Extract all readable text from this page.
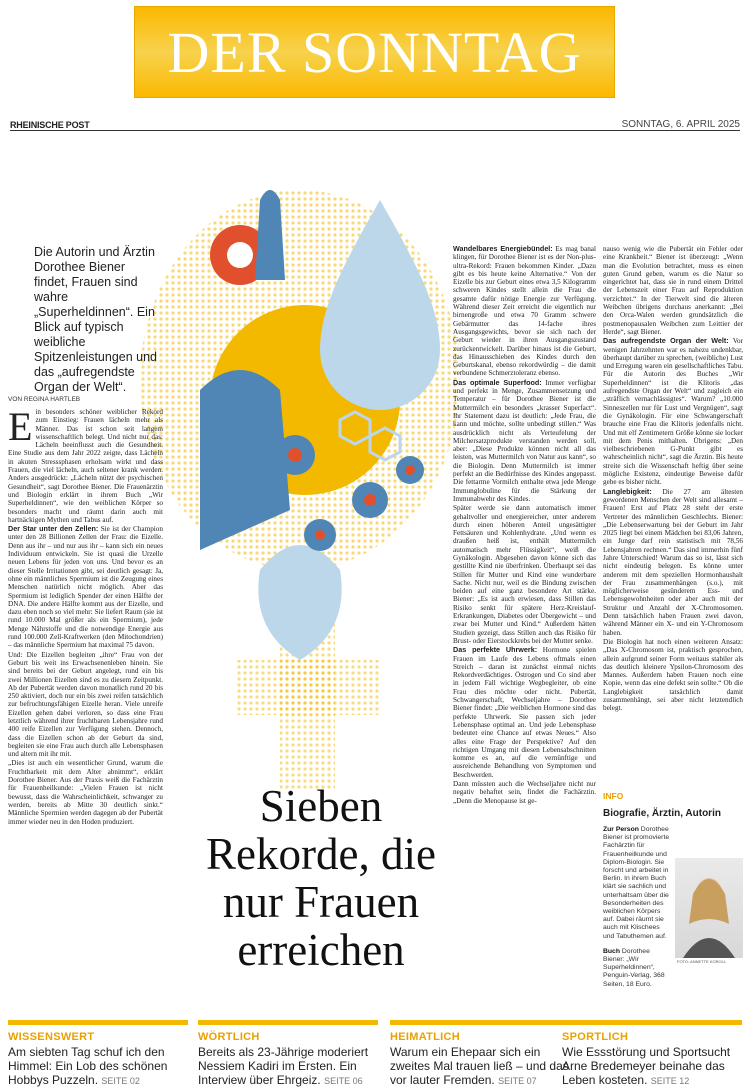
DER SONNTAG
RHEINISCHE POST	SONNTAG, 6. APRIL 2025
Die Autorin und Ärztin Dorothee Biener findet, Frauen sind wahre „Superheldinnen“. Ein Blick auf typisch weibliche Spitzenleistungen und das „aufregendste Organ der Welt“.
VON REGINA HARTLEB

Ein besonders schöner weiblicher Rekord zum Einstieg: Frauen lächeln mehr als Männer. Das ist schon seit langem wissenschaftlich belegt. Und nicht nur das: Lächeln beeinflusst auch die Gesundheit. Eine Studie aus dem Jahr 2022 zeigte, dass Lächeln in akuten Stresssphasen erholsam wirkt und dass Frauen, die viel lächeln, auch seltener krank werden. Anders ausgedrückt: „Lächeln nützt der psychischen Gesundheit“, sagt Dorothee Biener. Die Frauenärztin und Biologin erklärt in ihrem Buch „Wir Superheldinnen“, wie den weiblichen Körper so besonders macht und räumt darin auch mit hartnäckigen Mythen und Tabus auf.

Der Star unter den Zellen: Sie ist der Champion unter den 28 Billionen Zellen der Frau: die Eizelle. Denn aus ihr – und nur aus ihr – kann sich ein neues Individuum entwickeln. Sie ist quasi die Urzelle neuen Lebens für jeden von uns. Und bevor es an dieser Stelle Irritationen gibt, sei deutlich gesagt: Ja, ohne ein männliches Spermium ist die Zeugung eines Menschen natürlich nicht möglich. Aber das Spermium ist lediglich Spender der einen Hälfte der DNA. Die andere Hälfte kommt aus der Eizelle, und dazu eben noch so viel mehr: Sie liefert Raum (sie ist rund 10.000 Mal größer als ein Spermium), jede Menge Nährstoffe und die notwendige Energie aus rund 100.000 Zell-Kraftwerken (den Mitochondrien) – das männliche Spermium hat maximal 75 davon.

Und: Die Eizellen begleiten „ihre“ Frau von der Geburt bis weit ins Erwachsenenleben hinein. Sie sind bereits bei der Geburt angelegt, rund ein bis zwei Millionen Eizellen sind es zu diesem Zeitpunkt. Ab der Pubertät werden davon monatlich rund 20 bis 250 aktiviert, doch nur ein bis zwei reifen tatsächlich zur befruchtungsfähigen Eizelle heran. Viele unreife Eizellen gehen dabei verloren, so dass eine Frau letztlich während ihrer fruchtbaren Lebensjahre rund 400 reife Eizellen zur Verfügung stehen. Dennoch, dass die Eizellen schon ab der Geburt da sind, begleiten sie eine Frau auch durch alle Lebensphasen und altern mit ihr mit.

„Dies ist auch ein wesentlicher Grund, warum die Fruchtbarkeit mit dem Alter abnimmt“, erklärt Dorothee Biener. Aus der Praxis weiß die Fachärztin für Frauenheilkunde: „Vielen Frauen ist nicht bewusst, dass die Wahrscheinlichkeit, schwanger zu werden, bereits ab Mitte 30 deutlich sinkt.“ Männliche Spermien werden dagegen ab der Pubertät immer wieder neu in den Hoden produziert.

Wandelbares Energiebündel: Es mag banal klingen, für Dorothee Biener ist es der Non-plus-ultra-Rekord: Frauen bekommen Kinder. „Dazu gibt es bis heute keine Alternative.“ Von der Eizelle bis zur Geburt eines etwa 3,5 Kilogramm schweren Kindes stellt allein die Frau die gesamte dafür nötige Energie zur Verfügung. Während dieser Zeit erreicht die eigentlich nur birnengroße und etwa 70 Gramm schwere Gebärmutter das 14-fache ihres Ausgangsgewichts, bevor sie sich nach der Geburt wieder in ihren Ausgangszustand zurückentwickelt. Darüber hinaus ist die Geburt, das Hinausschieben des Kindes durch den Geburtskanal, ebenso rekordwürdig – die damit verbundene Schmerztoleranz ebenso.

Das optimale Superfood: Immer verfügbar und perfekt in Menge, Zusammensetzung und Temperatur – für Dorothee Biener ist die Muttermilch ein besonders „krasser Superfact“. Ihr Statement dazu ist deutlich: „Jede Frau, die kann und möchte, sollte unbedingt stillen.“ Was ausdrücklich nicht als Verteufelung der Milchersatzprodukte verstanden werden soll, aber: „Diese Produkte können nicht all das leisten, was Muttermilch von Natur aus kann“, so die Biologin. Denn Muttermilch ist immer perfekt an die Bedürfnisse des Kindes angepasst. Die fettarme Vormilch enthalte etwa jede Menge Immunglobuline für die Stärkung der Immunabwehr des Kindes.

Später werde sie dann automatisch immer gehaltvoller und energiereicher, unter anderem durch einen höheren Anteil ungesättigter Fettsäuren und Kohlenhydrate. „Und wenn es draußen heiß ist, enthält Muttermilch automatisch mehr Flüssigkeit“, weiß die Gynäkologin. Abgesehen davon könne sich das gestillte Kind nie überfrinken. Überhaupt sei das Stillen für Mutter und Kind eine wunderbare Sache. Nicht nur, weil es die Bindung zwischen beiden auf eine ganz besondere Art stärke. Biener: „Es ist auch erwiesen, dass Stillen das Risiko senkt für spätere Herz-Kreislauf-Erkrankungen, Diabetes oder Übergewicht – und zwar bei Mutter und Kind.“ Außerdem hätten Studien gezeigt, dass Stillen auch das Risiko für Brust- oder Eierstockkrebs bei der Mutter senke.

Das perfekte Uhrwerk: Hormone spielen Frauen im Laufe des Lebens oftmals einen Streich – daran ist zunächst einmal nichts Rekordverdächtiges. Östrogen und Co sind aber in jedem Fall wichtige Wegbegleiter, ob eine Frau dies möchte oder nicht. Pubertät, Schwangerschaft, Wechseljahre – Dorothee Biener findet: „Die weiblichen Hormone sind das perfekte Uhrwerk. Sie passen sich jeder Lebensphase optimal an. Und jede Lebensphase bedeutet eine Chance auf etwas Neues.“ Also alles eine Frage der Perspektive? Auf den richtigen Umgang mit diesen Lebensabschnitten komme es an, auf die vernünftige und ausreichende Behandlung von Symptomen und Beschwerden.

Dann müssten auch die Wechseljahre nicht nur negativ behaftet sein, findet die Fachärztin. „Denn die Menopause ist ge-

nauso wenig wie die Pubertät ein Fehler oder eine Krankheit.“ Biener ist überzeugt: „Wenn man die Evolution betrachtet, muss es einen guten Grund geben, warum es die Natur so eingerichtet hat, dass sie in rund einem Drittel der Lebenszeit einer Frau auf Reproduktion verzichtet.“ In der Tierwelt sind die älteren Weibchen übrigens durchaus anerkannt: „Bei den Orca-Walen werden grundsätzlich die postmenopausalen Weibchen zum Leittier der Herde“, sagt Biener.

Das aufregendste Organ der Welt: Vor wenigen Jahrzehnten war es nahezu undenkbar, überhaupt darüber zu sprechen, (weibliche) Lust und Erregung waren ein gesellschaftliches Tabu. Für die Autorin des Buches „Wir Superheldinnen“ ist die Klitoris „das aufregendste Organ der Welt“ und zugleich ein „sträflich vernachlässigtes“. Warum? „10.000 Sinneszellen nur für Lust und Vergnügen“, sagt die Gynäkologin. Für eine Schwangerschaft brauche eine Frau die Klitoris jedenfalls nicht. Und mit elf Zentimetern Größe könne sie locker mit dem Penis mithalten. Übrigens: „Den vielbeschriebenen G-Punkt gibt es wahrscheinlich nicht“, sagt die Ärztin. Bis heute streite sich die Wissenschaft heftig über seine mögliche Existenz, eindeutige Beweise dafür gebe es bisher nicht.

Langlebigkeit: Die 27 am ältesten gewordenen Menschen der Welt sind allesamt – Frauen! Erst auf Platz 28 steht der erste Vertreter des männlichen Geschlechts. Biener: „Die Lebenserwartung bei der Geburt im Jahr 2025 liegt bei einem Mädchen bei 83,06 Jahren, ein Junge darf rein statistisch mit 78,56 Lebensjahren rechnen.“ Das sind immerhin fünf Jahre Unterschied! Warum das so ist, lässt sich nicht eindeutig belegen. Es könne unter anderem mit dem speziellen Hormonhaushalt der Frau zusammenhängen (s.o.), mit möglicherweise gesünderem Ess- und Lebensgewohnheiten oder aber auch mit der Struktur und Anzahl der X-Chromosomen. Denn tatsächlich haben Frauen zwei davon, während Männer ein X- und ein Y-Chromosom haben.

Die Biologin hat noch einen weiteren Ansatz: „Das X-Chromosom ist, praktisch gesprochen, allein aufgrund seiner Form weitaus stabiler als das deutlich kleinere Ypsilon-Chromosom des Mannes. Außerdem haben Frauen noch eine Kopie, wenn das eine defekt sein sollte.“ Ob die Langlebigkeit tatsächlich damit zusammenhängt, sei aber nicht letztendlich belegt.

Sieben Rekorde, die nur Frauen erreichen
INFO
Biografie, Ärztin, Autorin
Zur Person Dorothee Biener ist promovierte Fachärztin für Frauenheilkunde und Diplom-Biologin. Sie forscht und arbeitet in Berlin. In ihrem Buch klärt sie sachlich und unterhaltsam über die Besonderheiten des weiblichen Körpers auf. Dabei räumt sie auch mit Klischees und Tabuthemen auf.
Buch Dorothee Biener: „Wir Superheldinnen“, Penguin-Verlag, 368 Seiten, 18 Euro.
FOTO: ANNETTE KOROLL
WISSENSWERT
Am siebten Tag schuf ich den Himmel: Ein Lob des schönen Hobbys Puzzeln. SEITE 02
WÖRTLICH
Bereits als 23-Jährige moderiert Nessiem Kadiri im Ersten. Ein Interview über Ehrgeiz. SEITE 06
HEIMATLICH
Warum ein Ehepaar sich ein zweites Mal trauen ließ – und das vor lauter Fremden. SEITE 07
SPORTLICH
Wie Essstörung und Sportsucht Arne Bredemeyer beinahe das Leben kosteten. SEITE 12
